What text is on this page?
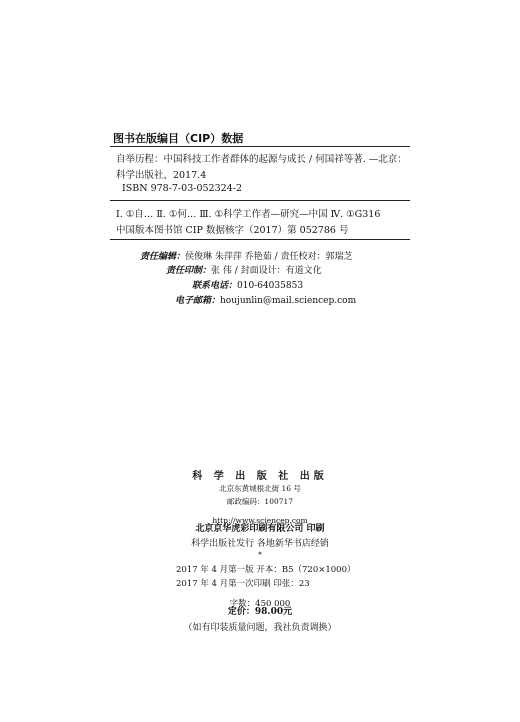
图书在版编目（CIP）数据
自举历程：中国科技工作者群体的起源与成长 / 何国祥等著. —北京：
科学出版社，2017.4
ISBN 978-7-03-052324-2
Ⅰ. ①自… Ⅱ. ①何… Ⅲ. ①科学工作者—研究—中国 Ⅳ. ①G316
中国版本图书馆 CIP 数据核字（2017）第 052786 号
责任编辑：侯俊琳 朱萍萍 乔艳茹 / 责任校对：郭瑞芝
责任印制：张 伟 / 封面设计：有道文化
联系电话：010-64035853
电子邮箱：houjunlin@mail.sciencep.com
科 学 出 版 社 出版
北京东黄城根北街 16 号
邮政编码：100717
http://www.sciencep.com
北京京华虎彩印刷有限公司 印刷
科学出版社发行 各地新华书店经销
*
2017 年 4 月第一版 开本：B5（720×1000）
2017 年 4 月第一次印刷 印张：23
字数：450 000
定价：98.00元
（如有印装质量问题，我社负责调换）
